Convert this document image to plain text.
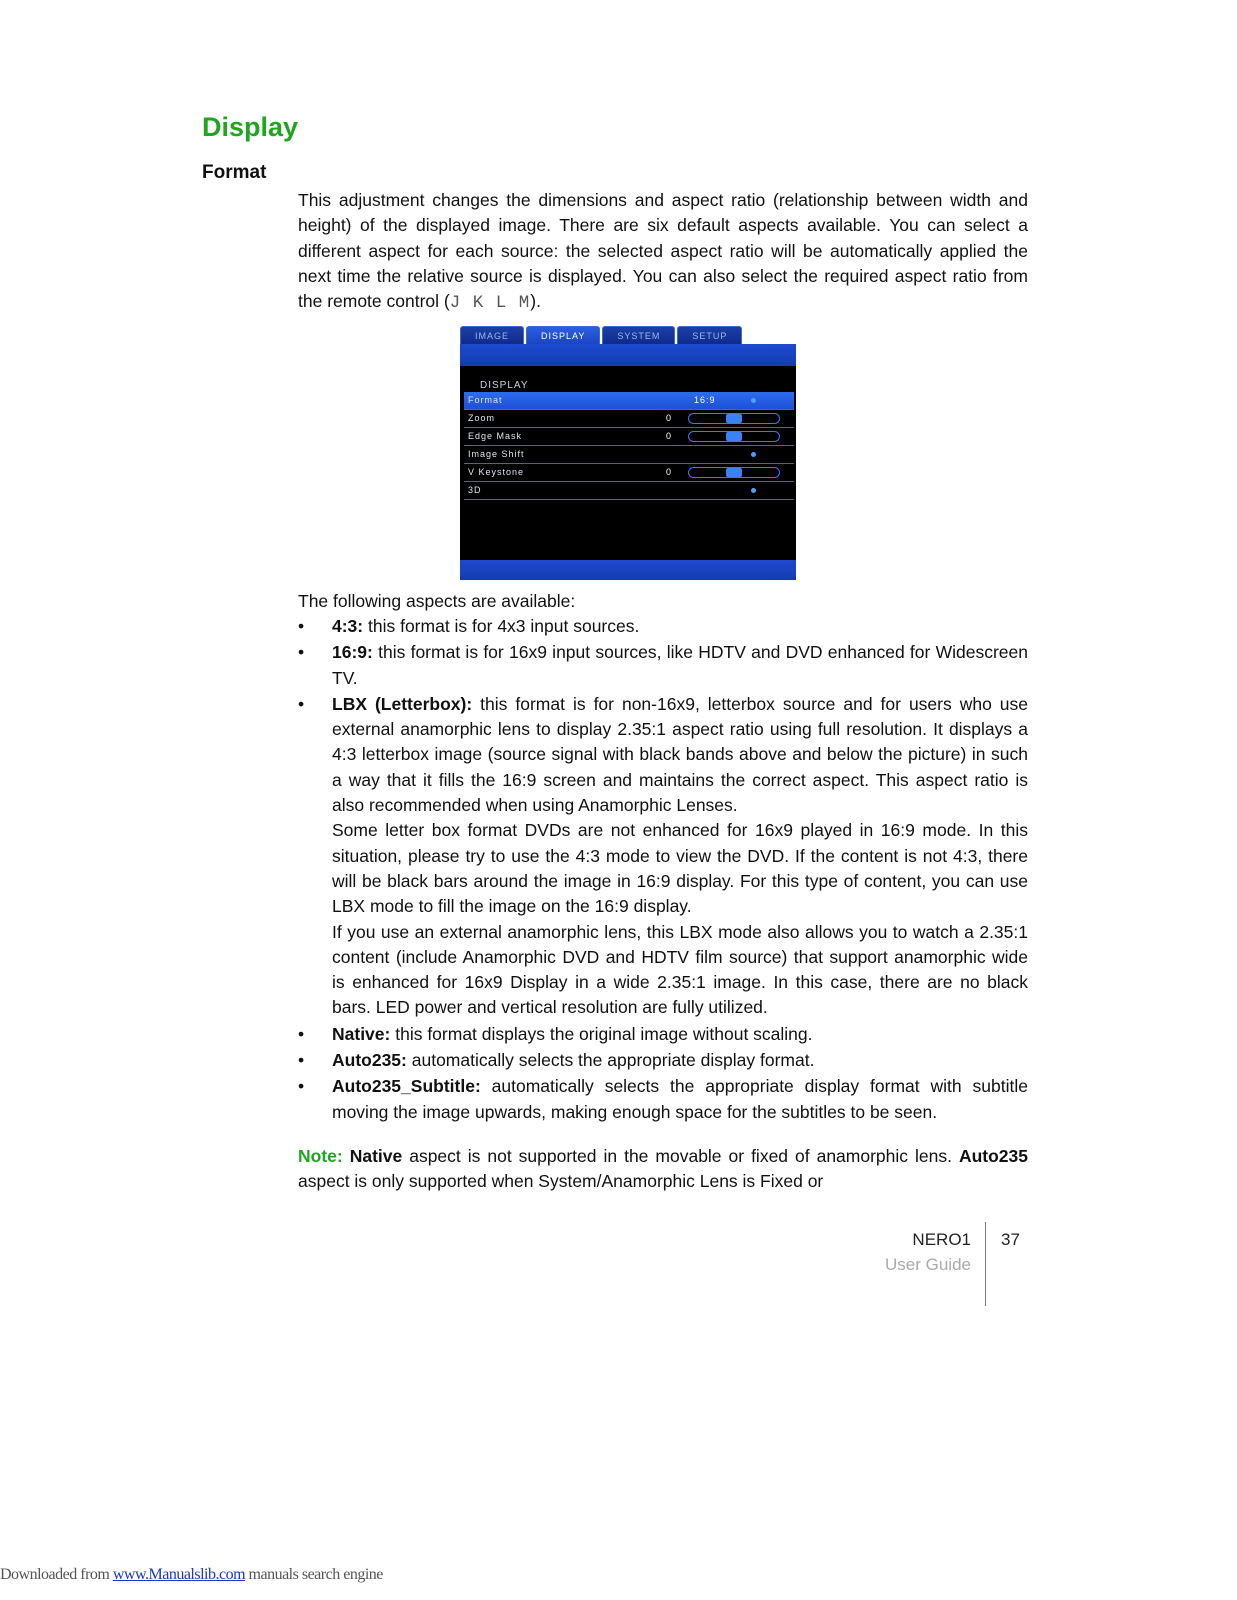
Display
Format
This adjustment changes the dimensions and aspect ratio (relationship between width and height) of the displayed image. There are six default aspects available. You can select a different aspect for each source: the selected aspect ratio will be automatically applied the next time the relative source is displayed. You can also select the required aspect ratio from the remote control (J K L M).
IMAGE	DISPLAY	SYSTEM	SETUP
DISPLAY
Format	16:9
Zoom	0
Edge Mask	0
Image Shift
V Keystone	0
3D
The following aspects are available:
• 4:3: this format is for 4x3 input sources.
• 16:9: this format is for 16x9 input sources, like HDTV and DVD enhanced for Widescreen TV.
• LBX (Letterbox): this format is for non-16x9, letterbox source and for users who use external anamorphic lens to display 2.35:1 aspect ratio using full resolution. It displays a 4:3 letterbox image (source signal with black bands above and below the picture) in such a way that it fills the 16:9 screen and maintains the correct aspect. This aspect ratio is also recommended when using Anamorphic Lenses.

Some letter box format DVDs are not enhanced for 16x9 played in 16:9 mode. In this situation, please try to use the 4:3 mode to view the DVD. If the content is not 4:3, there will be black bars around the image in 16:9 display. For this type of content, you can use LBX mode to fill the image on the 16:9 display.

If you use an external anamorphic lens, this LBX mode also allows you to watch a 2.35:1 content (include Anamorphic DVD and HDTV film source) that support anamorphic wide is enhanced for 16x9 Display in a wide 2.35:1 image. In this case, there are no black bars. LED power and vertical resolution are fully utilized.

• Native: this format displays the original image without scaling.
• Auto235: automatically selects the appropriate display format.
• Auto235_Subtitle: automatically selects the appropriate display format with subtitle moving the image upwards, making enough space for the subtitles to be seen.
Note: Native aspect is not supported in the movable or fixed of anamorphic lens. Auto235 aspect is only supported when System/Anamorphic Lens is Fixed or
NERO1
User Guide
37
Downloaded from www.Manualslib.com manuals search engine
